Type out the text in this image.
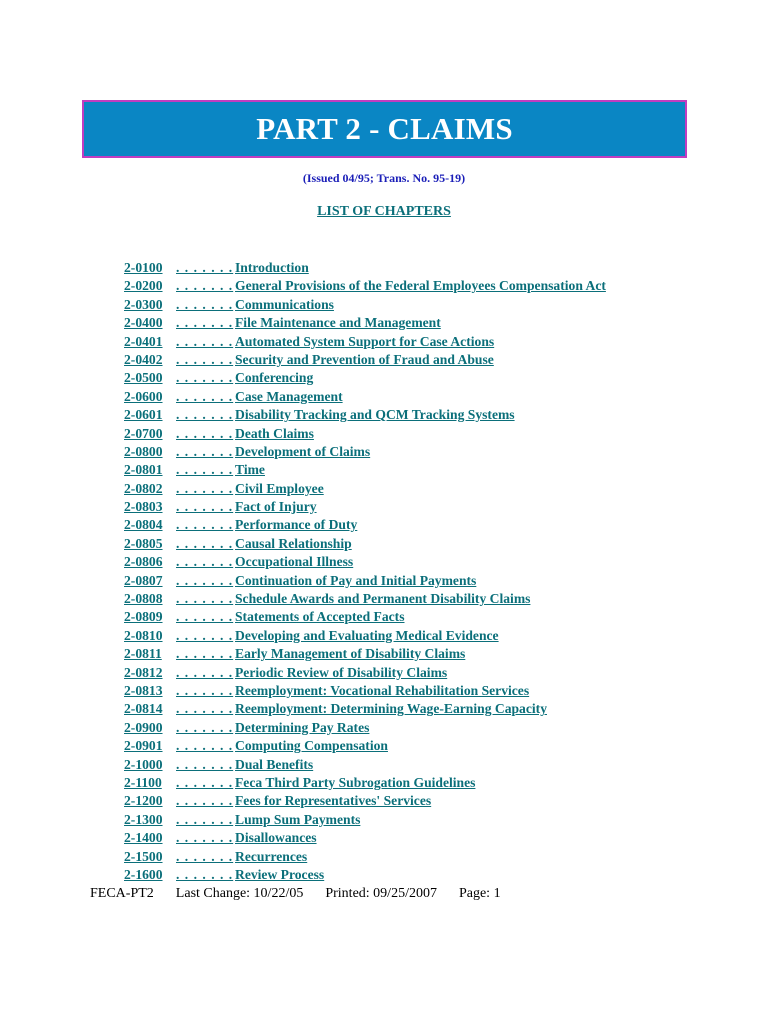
PART 2 - CLAIMS
(Issued 04/95; Trans. No. 95-19)
LIST OF CHAPTERS
2-0100 . . . . . . . Introduction
2-0200 . . . . . . . General Provisions of the Federal Employees Compensation Act
2-0300 . . . . . . . Communications
2-0400 . . . . . . . File Maintenance and Management
2-0401 . . . . . . . Automated System Support for Case Actions
2-0402 . . . . . . . Security and Prevention of Fraud and Abuse
2-0500 . . . . . . . Conferencing
2-0600 . . . . . . . Case Management
2-0601 . . . . . . . Disability Tracking and QCM Tracking Systems
2-0700 . . . . . . . Death Claims
2-0800 . . . . . . . Development of Claims
2-0801 . . . . . . . Time
2-0802 . . . . . . . Civil Employee
2-0803 . . . . . . . Fact of Injury
2-0804 . . . . . . . Performance of Duty
2-0805 . . . . . . . Causal Relationship
2-0806 . . . . . . . Occupational Illness
2-0807 . . . . . . . Continuation of Pay and Initial Payments
2-0808 . . . . . . . Schedule Awards and Permanent Disability Claims
2-0809 . . . . . . . Statements of Accepted Facts
2-0810 . . . . . . . Developing and Evaluating Medical Evidence
2-0811	. . . . . . . Early Management of Disability Claims
2-0812 . . . . . . . Periodic Review of Disability Claims
2-0813 . . . . . . . Reemployment: Vocational Rehabilitation Services
2-0814 . . . . . . . Reemployment: Determining Wage-Earning Capacity
2-0900 . . . . . . . Determining Pay Rates
2-0901 . . . . . . . Computing Compensation
2-1000 . . . . . . . Dual Benefits
2-1100	. . . . . . . Feca Third Party Subrogation Guidelines
2-1200 . . . . . . . Fees for Representatives' Services
2-1300 . . . . . . . Lump Sum Payments
2-1400 . . . . . . . Disallowances
2-1500 . . . . . . . Recurrences
2-1600 . . . . . . . Review Process
FECA-PT2 Last Change: 10/22/05 Printed: 09/25/2007 Page: 1
